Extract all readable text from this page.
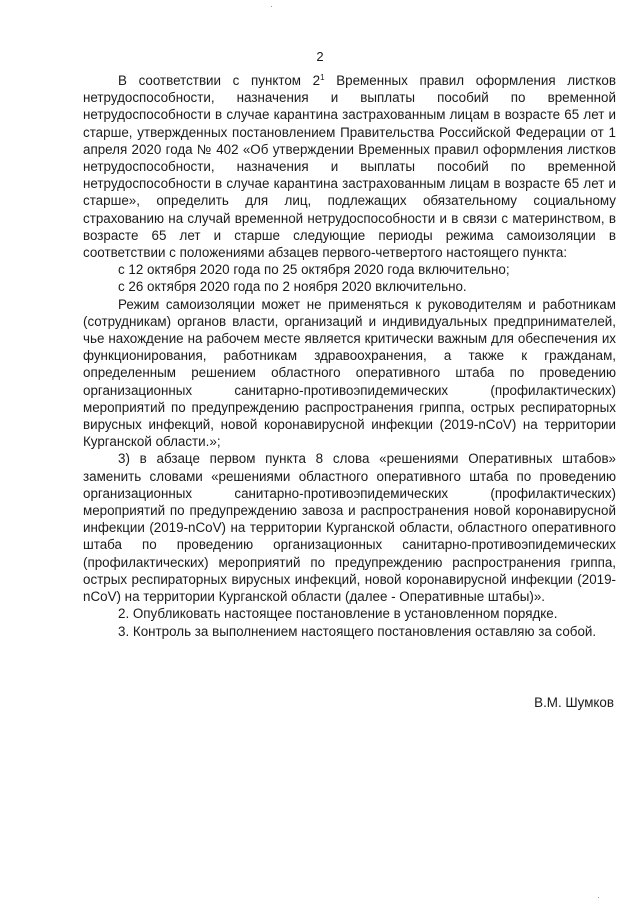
2

В соответствии с пунктом $2^1$ Временных правил оформления листков нетрудоспособности, назначения и выплаты пособий по временной нетрудоспособности в случае карантина застрахованным лицам в возрасте 65 лет и старше, утвержденных постановлением Правительства Российской Федерации от 1 апреля 2020 года № 402 «Об утверждении Временных правил оформления листков нетрудоспособности, назначения и выплаты пособий по временной нетрудоспособности в случае карантина застрахованным лицам в возрасте 65 лет и старше», определить для лиц, подлежащих обязательному социальному страхованию на случай временной нетрудоспособности и в связи с материнством, в возрасте 65 лет и старше следующие периоды режима самоизоляции в соответствии с положениями абзацев первого-четвертого настоящего пункта:

с 12 октября 2020 года по 25 октября 2020 года включительно;

с 26 октября 2020 года по 2 ноября 2020 включительно.

Режим самоизоляции может не применяться к руководителям и работникам (сотрудникам) органов власти, организаций и индивидуальных предпринимателей, чье нахождение на рабочем месте является критически важным для обеспечения их функционирования, работникам здравоохранения, а также к гражданам, определенным решением областного оперативного штаба по проведению организационных санитарно-противоэпидемических (профилактических) мероприятий по предупреждению распространения гриппа, острых респираторных вирусных инфекций, новой коронавирусной инфекции (2019-nCoV) на территории Курганской области.»;

3) в абзаце первом пункта 8 слова «решениями Оперативных штабов» заменить словами «решениями областного оперативного штаба по проведению организационных санитарно-противоэпидемических (профилактических) мероприятий по предупреждению завоза и распространения новой коронавирусной инфекции (2019-nCoV) на территории Курганской области, областного оперативного штаба по проведению организационных санитарно-противоэпидемических (профилактических) мероприятий по предупреждению распространения гриппа, острых респираторных вирусных инфекций, новой коронавирусной инфекции (2019-nCoV) на территории Курганской области (далее - Оперативные штабы)».

2. Опубликовать настоящее постановление в установленном порядке.

3. Контроль за выполнением настоящего постановления оставляю за собой.

В.М. Шумков
